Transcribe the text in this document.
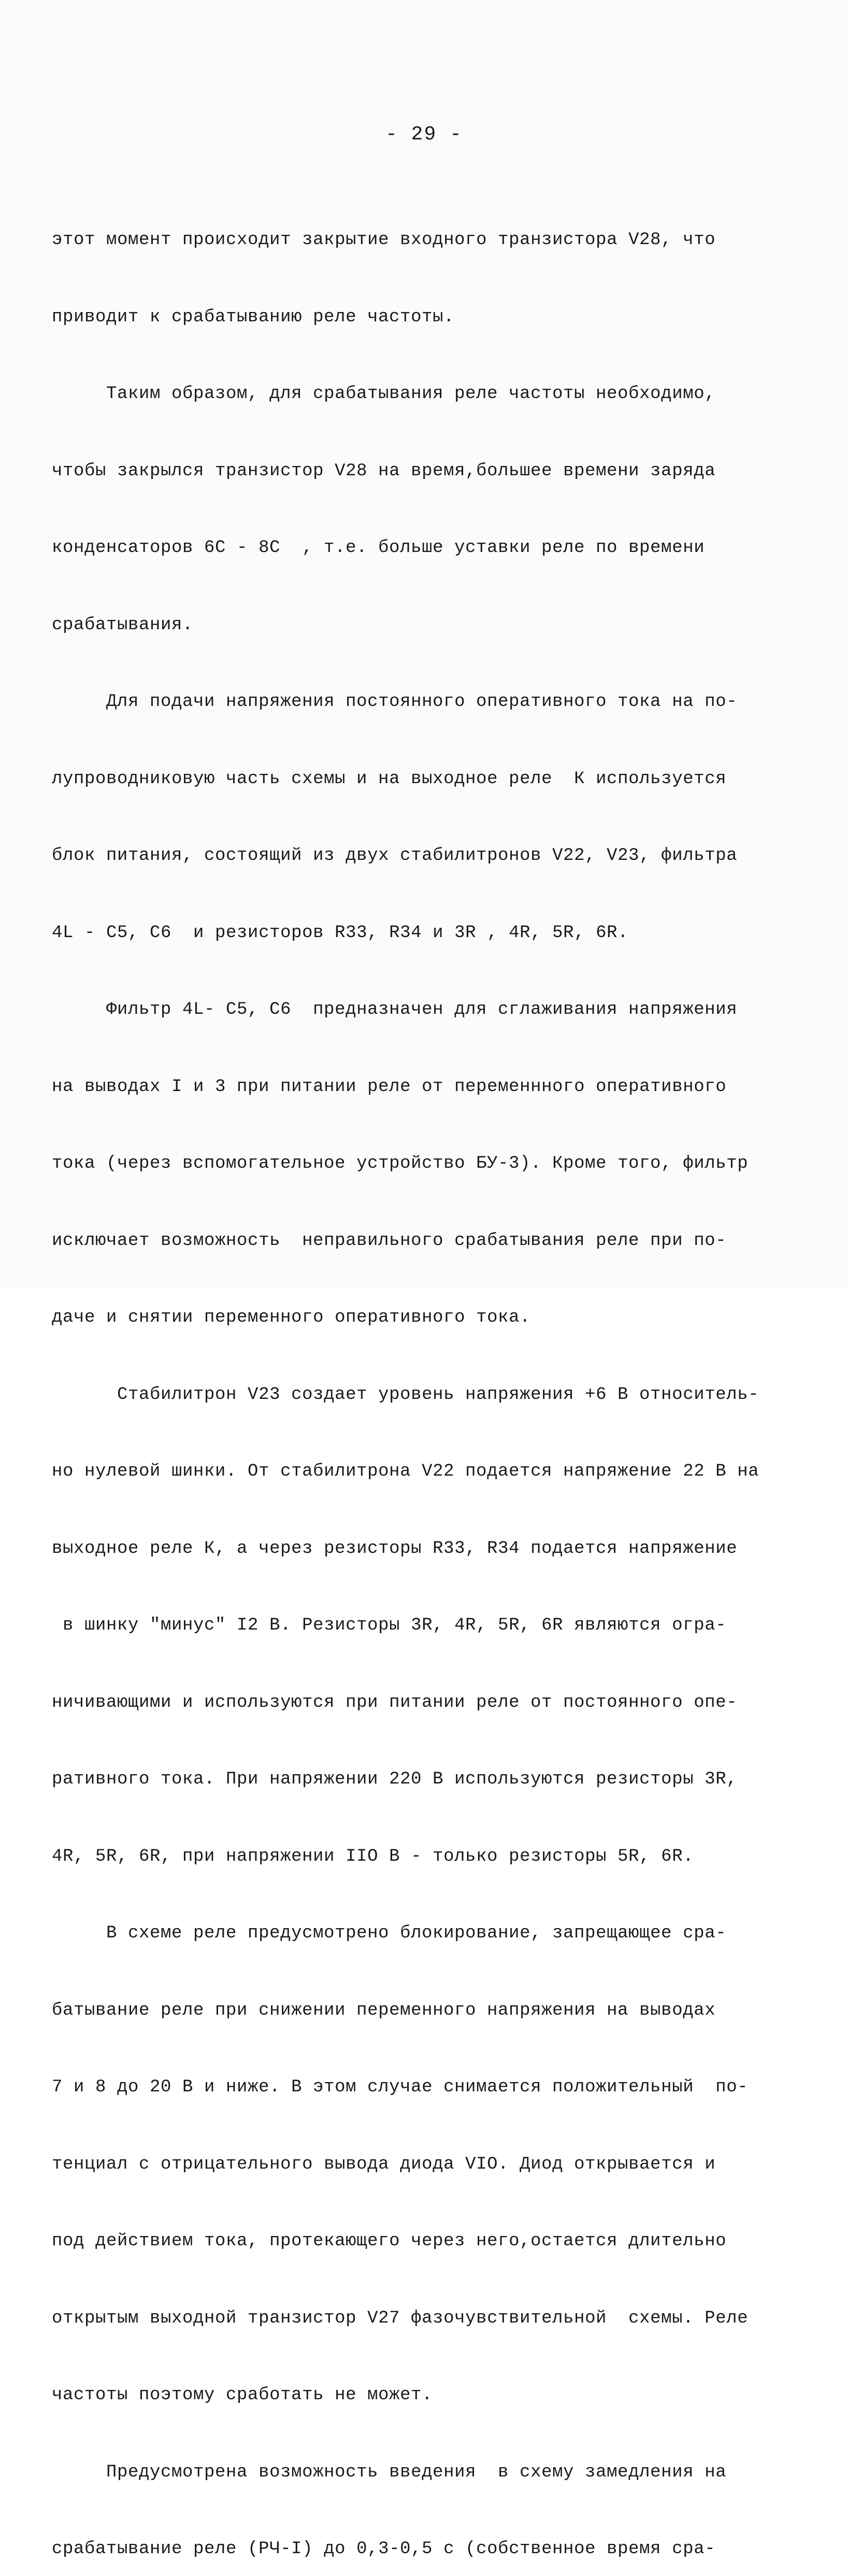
- 29 -

этот момент происходит закрытие входного транзистора V28, что

приводит к срабатыванию реле частоты.

Таким образом, для срабатывания реле частоты необходимо,

чтобы закрылся транзистор V28 на время,большее времени заряда

конденсаторов 6C - 8C  , т.е. больше уставки реле по времени

срабатывания.

Для подачи напряжения постоянного оперативного тока на по-

лупроводниковую часть схемы и на выходное реле  К используется

блок питания, состоящий из двух стабилитронов V22, V23, фильтра

4L - C5, C6  и резисторов R33, R34 и 3R , 4R, 5R, 6R.

Фильтр 4L- C5, C6  предназначен для сглаживания напряжения

на выводах I и 3 при питании реле от переменнного оперативного

тока (через вспомогательное устройство БУ-3). Кроме того, фильтр

исключает возможность  неправильного срабатывания реле при по-

даче и снятии переменного оперативного тока.

Стабилитрон V23 создает уровень напряжения +6 В относитель-

но нулевой шинки. От стабилитрона V22 подается напряжение 22 В на

выходное реле К, а через резисторы R33, R34 подается напряжение

в шинку "минус" I2 В. Резисторы 3R, 4R, 5R, 6R являются огра-

ничивающими и используются при питании реле от постоянного опе-

ративного тока. При напряжении 220 В используются резисторы 3R,

4R, 5R, 6R, при напряжении IIO В - только резисторы 5R, 6R.

В схеме реле предусмотрено блокирование, запрещающее сра-

батывание реле при снижении переменного напряжения на выводах

7 и 8 до 20 В и ниже. В этом случае снимается положительный  по-

тенциал с отрицательного вывода диода VIO. Диод открывается и

под действием тока, протекающего через него,остается длительно

открытым выходной транзистор V27 фазочувствительной  схемы. Реле

частоты поэтому сработать не может.

Предусмотрена возможность введения  в схему замедления на

срабатывание реле (РЧ-I) до 0,3-0,5 с (собственное время сра-
